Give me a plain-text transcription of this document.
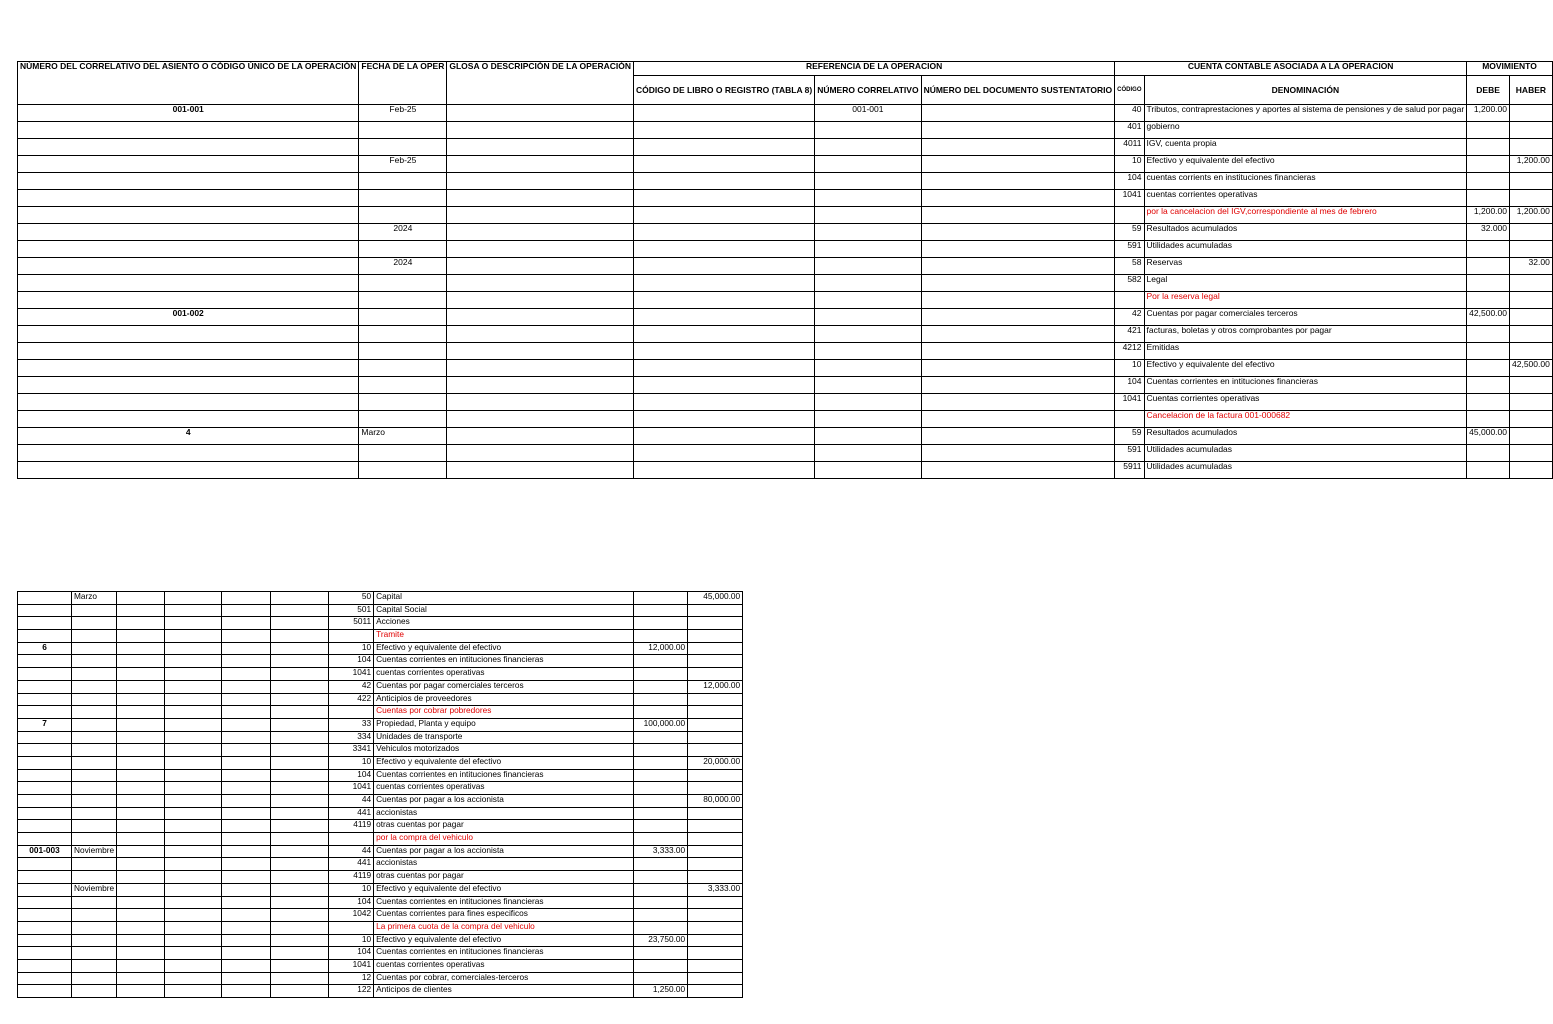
NÚMERO DEL CORRELATIVO DEL ASIENTO O CÓDIGO ÚNICO DE LA OPERACIÓN	FECHA DE LA OPER	GLOSA O DESCRIPCIÓN DE LA OPERACIÓN	REFERENCIA DE LA OPERACION			CUENTA CONTABLE ASOCIADA A LA OPERACION		MOVIMIENTO	
			CÓDIGO DE LIBRO O REGISTRO (TABLA 8)	NÚMERO CORRELATIVO	NÚMERO DEL DOCUMENTO SUSTENTATORIO	CÓDIGO	DENOMINACIÓN	DEBE	HABER
001-001	Feb-25			001-001		40	Tributos, contraprestaciones y aportes al sistema de pensiones y de salud por pagar	1,200.00	
						401	gobierno		
						4011	IGV, cuenta propia		
	Feb-25					10	Efectivo y equivalente del efectivo		1,200.00
						104	cuentas corrients en instituciones financieras		
						1041	cuentas corrientes operativas		
							por la cancelacion del IGV,correspondiente al mes de febrero	1,200.00	1,200.00
	2024					59	Resultados acumulados	32.000	
						591	Utilidades acumuladas		
	2024					58	Reservas		32.00
						582	Legal		
							Por la reserva legal		
001-002						42	Cuentas por pagar comerciales terceros	42,500.00	
						421	facturas, boletas y otros comprobantes por pagar		
						4212	Emitidas		
						10	Efectivo y equivalente del efectivo		42,500.00
						104	Cuentas corrientes en intituciones financieras		
						1041	Cuentas corrientes operativas		
							Cancelacion de la factura 001-000682		
4	Marzo					59	Resultados acumulados	45,000.00	
						591	Utilidades acumuladas		
						5911	Utilidades acumuladas		
	Marzo					50	Capital		45,000.00
						501	Capital Social		
						5011	Acciones		
							Tramite		
6						10	Efectivo y equivalente del efectivo	12,000.00	
						104	Cuentas corrientes en intituciones financieras		
						1041	cuentas corrientes operativas		
						42	Cuentas por pagar comerciales terceros		12,000.00
						422	Anticipios de proveedores		
							Cuentas por cobrar pobredores		
7						33	Propiedad, Planta y equipo	100,000.00	
						334	Unidades de transporte		
						3341	Vehiculos motorizados		
						10	Efectivo y equivalente del efectivo		20,000.00
						104	Cuentas corrientes en intituciones financieras		
						1041	cuentas corrientes operativas		
						44	Cuentas por pagar a los accionista		80,000.00
						441	accionistas		
						4119	otras cuentas por pagar		
							por la compra del vehiculo		
001-003	Noviembre					44	Cuentas por pagar a los accionista	3,333.00	
						441	accionistas		
						4119	otras cuentas por pagar		
	Noviembre					10	Efectivo y equivalente del efectivo		3,333.00
						104	Cuentas corrientes en intituciones financieras		
						1042	Cuentas corrientes para fines especificos		
							La primera cuota de la compra del vehiculo		
						10	Efectivo y equivalente del efectivo	23,750.00	
						104	Cuentas corrientes en intituciones financieras		
						1041	cuentas corrientes operativas		
						12	Cuentas por cobrar, comerciales-terceros		
						122	Anticipos de clientes	1,250.00	
